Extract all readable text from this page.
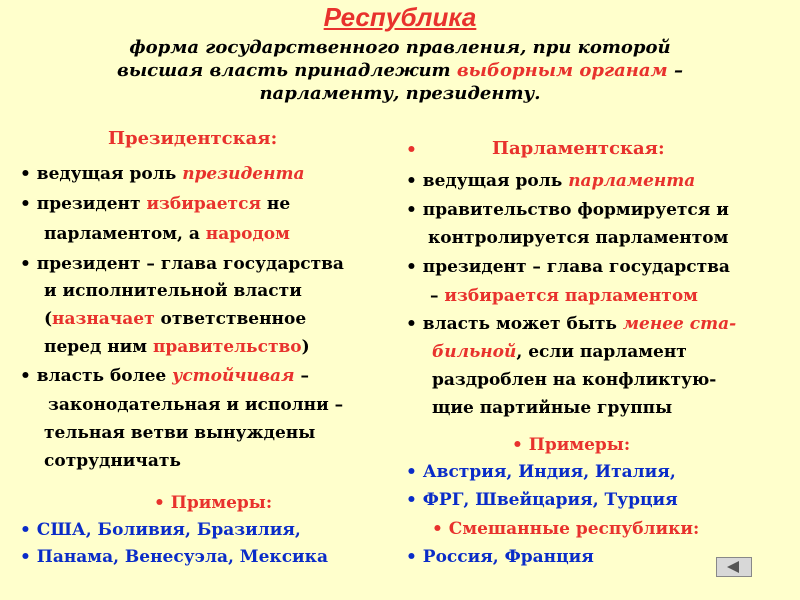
Республика
форма государственного правления, при которой
высшая власть принадлежит выборным органам –
парламенту, президенту.
Президентская:
• ведущая роль президента
• президент избирается не
парламентом, а народом
• президент – глава государства
и исполнительной власти
(назначает ответственное
перед ним правительство)
• власть более устойчивая –
законодательная и исполни –
тельная ветви вынуждены
сотрудничать
• Примеры:
• США, Боливия, Бразилия,
• Панама, Венесуэла, Мексика
•	Парламентская:
• ведущая роль парламента
• правительство формируется и
контролируется парламентом
• президент – глава государства
– избирается парламентом
• власть может быть менее ста-
бильной, если парламент
раздроблен на конфликтую-
щие партийные группы
• Примеры:
• Австрия, Индия, Италия,
• ФРГ, Швейцария, Турция
• Смешанные республики:
• Россия, Франция
